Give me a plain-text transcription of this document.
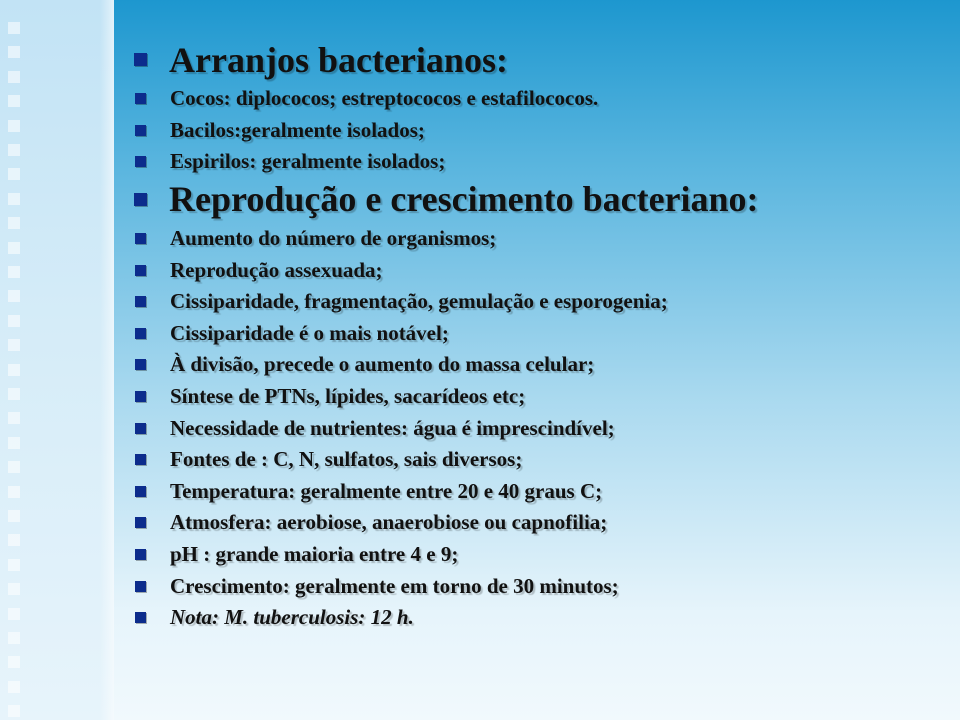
Arranjos bacterianos:
Cocos: diplococos; estreptococos e estafilococos.
Bacilos:geralmente isolados;
Espirilos: geralmente isolados;
Reprodução e crescimento bacteriano:
Aumento do número de organismos;
Reprodução assexuada;
Cissiparidade, fragmentação, gemulação e esporogenia;
Cissiparidade é o mais notável;
À divisão, precede o aumento do massa celular;
Síntese de PTNs, lípides, sacarídeos etc;
Necessidade de nutrientes: água é imprescindível;
Fontes de : C, N, sulfatos, sais diversos;
Temperatura: geralmente entre 20 e 40 graus C;
Atmosfera: aerobiose, anaerobiose ou capnofilia;
pH : grande maioria entre 4 e 9;
Crescimento: geralmente em torno de 30 minutos;
Nota: M. tuberculosis: 12 h.
